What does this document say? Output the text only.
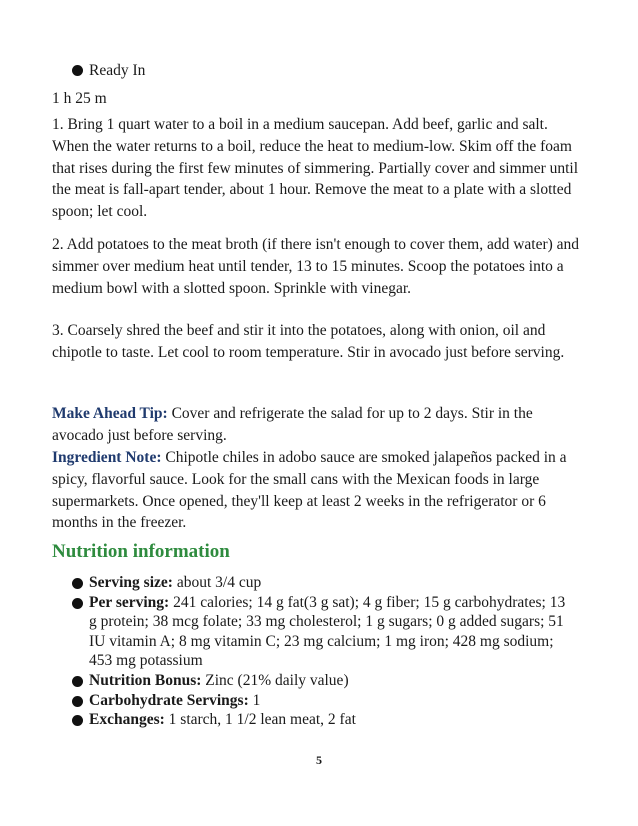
Ready In
1 h 25 m
1. Bring 1 quart water to a boil in a medium saucepan. Add beef, garlic and salt. When the water returns to a boil, reduce the heat to medium-low. Skim off the foam that rises during the first few minutes of simmering. Partially cover and simmer until the meat is fall-apart tender, about 1 hour. Remove the meat to a plate with a slotted spoon; let cool.
2. Add potatoes to the meat broth (if there isn't enough to cover them, add water) and simmer over medium heat until tender, 13 to 15 minutes. Scoop the potatoes into a medium bowl with a slotted spoon. Sprinkle with vinegar.
3. Coarsely shred the beef and stir it into the potatoes, along with onion, oil and chipotle to taste. Let cool to room temperature. Stir in avocado just before serving.
Make Ahead Tip: Cover and refrigerate the salad for up to 2 days. Stir in the avocado just before serving.
Ingredient Note: Chipotle chiles in adobo sauce are smoked jalapeños packed in a spicy, flavorful sauce. Look for the small cans with the Mexican foods in large supermarkets. Once opened, they'll keep at least 2 weeks in the refrigerator or 6 months in the freezer.
Nutrition information
Serving size: about 3/4 cup
Per serving: 241 calories; 14 g fat(3 g sat); 4 g fiber; 15 g carbohydrates; 13 g protein; 38 mcg folate; 33 mg cholesterol; 1 g sugars; 0 g added sugars; 51 IU vitamin A; 8 mg vitamin C; 23 mg calcium; 1 mg iron; 428 mg sodium; 453 mg potassium
Nutrition Bonus: Zinc (21% daily value)
Carbohydrate Servings: 1
Exchanges: 1 starch, 1 1/2 lean meat, 2 fat
5
